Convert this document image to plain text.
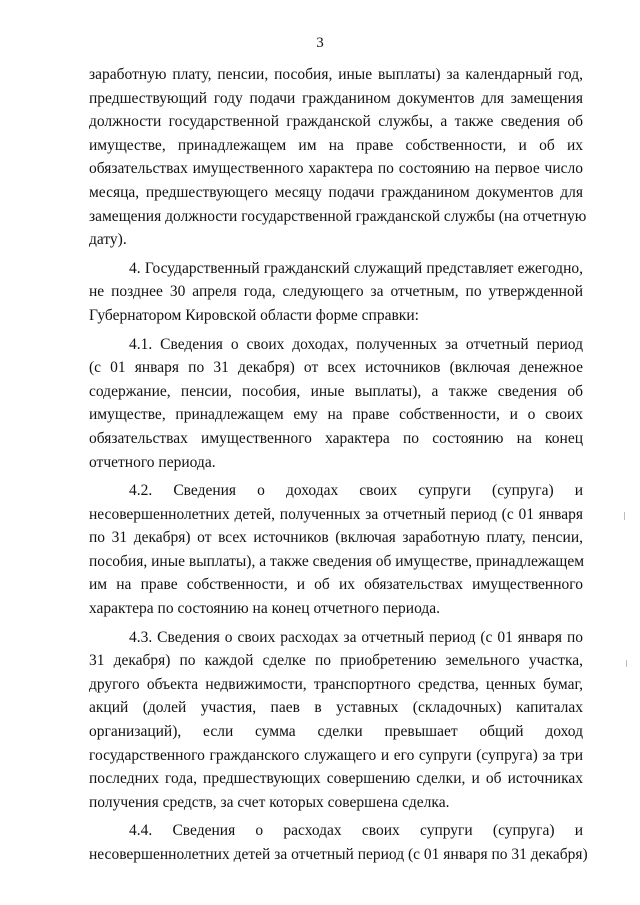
3
заработную плату, пенсии, пособия, иные выплаты) за календарный год,
предшествующий году подачи гражданином документов для замещения
должности государственной гражданской службы, а также сведения об
имуществе, принадлежащем им на праве собственности, и об их
обязательствах имущественного характера по состоянию на первое число
месяца, предшествующего месяцу подачи гражданином документов для
замещения должности государственной гражданской службы (на отчетную
дату).
4. Государственный гражданский служащий представляет ежегодно,
не позднее 30 апреля года, следующего за отчетным, по утвержденной
Губернатором Кировской области форме справки:
4.1. Сведения о своих доходах, полученных за отчетный период
(с 01 января по 31 декабря) от всех источников (включая денежное
содержание, пенсии, пособия, иные выплаты), а также сведения об
имуществе, принадлежащем ему на праве собственности, и о своих
обязательствах имущественного характера по состоянию на конец
отчетного периода.
4.2. Сведения о доходах своих супруги (супруга) и
несовершеннолетних детей, полученных за отчетный период (с 01 января
по 31 декабря) от всех источников (включая заработную плату, пенсии,
пособия, иные выплаты), а также сведения об имуществе, принадлежащем
им на праве собственности, и об их обязательствах имущественного
характера по состоянию на конец отчетного периода.
4.3. Сведения о своих расходах за отчетный период (с 01 января по
31 декабря) по каждой сделке по приобретению земельного участка,
другого объекта недвижимости, транспортного средства, ценных бумаг,
акций (долей участия, паев в уставных (складочных) капиталах
организаций), если сумма сделки превышает общий доход
государственного гражданского служащего и его супруги (супруга) за три
последних года, предшествующих совершению сделки, и об источниках
получения средств, за счет которых совершена сделка.
4.4. Сведения о расходах своих супруги (супруга) и
несовершеннолетних детей за отчетный период (с 01 января по 31 декабря)
